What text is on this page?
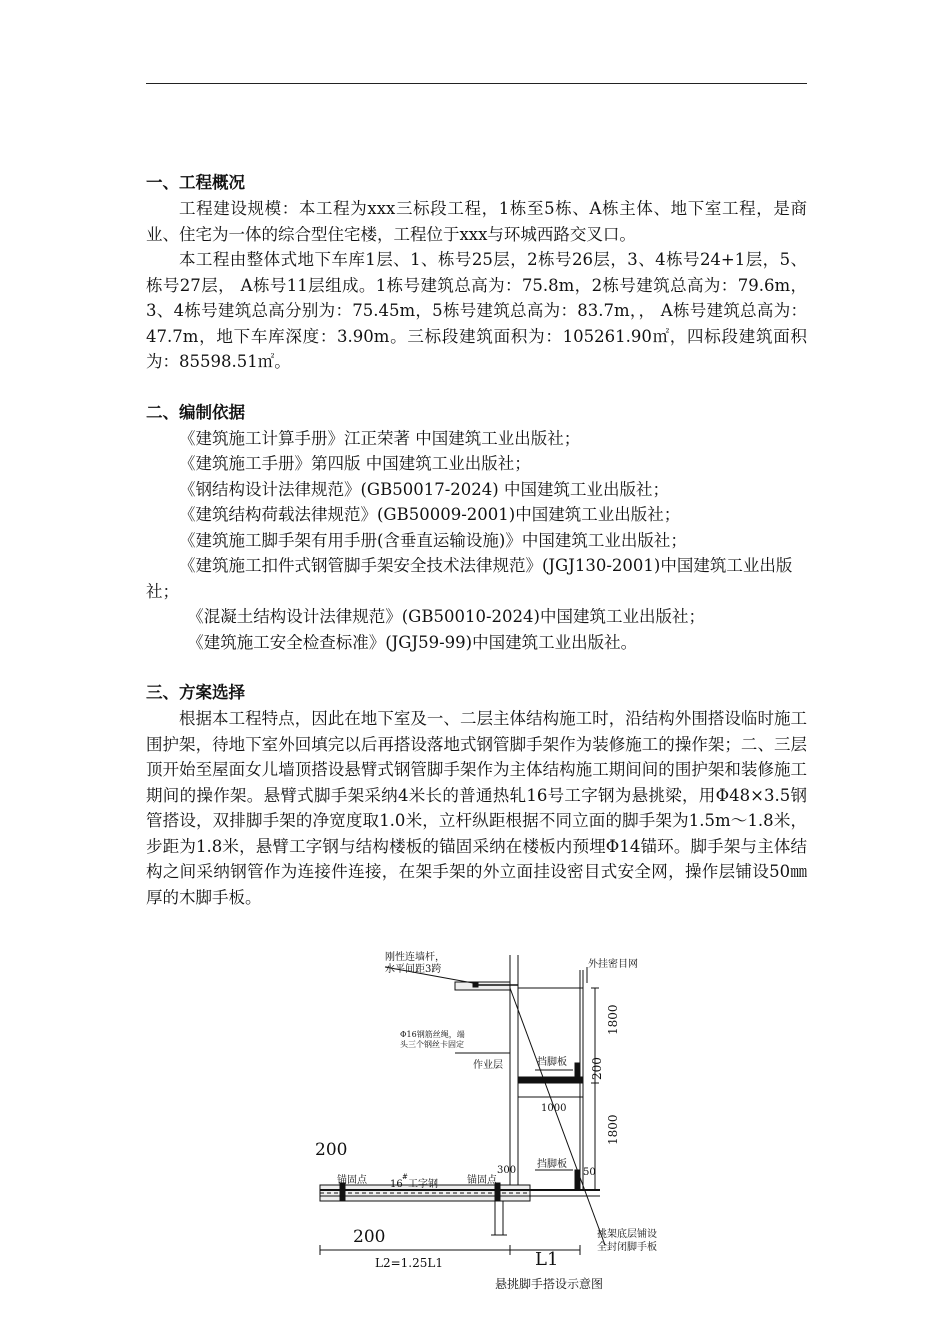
一、工程概况

工程建设规模：本工程为xxx三标段工程，1栋至5栋、A栋主体、地下室工程，是商业、住宅为一体的综合型住宅楼，工程位于xxx与环城西路交叉口。

本工程由整体式地下车库1层、1、栋号25层，2栋号26层，3、4栋号24+1层，5、栋号27层， A栋号11层组成。1栋号建筑总高为：75.8m，2栋号建筑总高为：79.6m，3、4栋号建筑总高分别为：75.45m，5栋号建筑总高为：83.7m，， A栋号建筑总高为：47.7m，地下车库深度：3.90m。三标段建筑面积为：105261.90㎡，四标段建筑面积为：85598.51㎡。

二、编制依据
《建筑施工计算手册》江正荣著 中国建筑工业出版社；
《建筑施工手册》第四版 中国建筑工业出版社；
《钢结构设计法律规范》(GB50017-2024) 中国建筑工业出版社；
《建筑结构荷载法律规范》(GB50009-2001)中国建筑工业出版社；
《建筑施工脚手架有用手册(含垂直运输设施)》中国建筑工业出版社；
《建筑施工扣件式钢管脚手架安全技术法律规范》(JGJ130-2001)中国建筑工业出版社；
《混凝土结构设计法律规范》(GB50010-2024)中国建筑工业出版社；
《建筑施工安全检查标准》(JGJ59-99)中国建筑工业出版社。
三、方案选择

根据本工程特点，因此在地下室及一、二层主体结构施工时，沿结构外围搭设临时施工围护架，待地下室外回填完以后再搭设落地式钢管脚手架作为装修施工的操作架；二、三层顶开始至屋面女儿墙顶搭设悬臂式钢管脚手架作为主体结构施工期间间的围护架和装修施工期间的操作架。悬臂式脚手架采纳4米长的普通热轧16号工字钢为悬挑梁，用Φ48×3.5钢管搭设，双排脚手架的净宽度取1.0米，立杆纵距根据不同立面的脚手架为1.5m～1.8米，步距为1.8米，悬臂工字钢与结构楼板的锚固采纳在楼板内预埋Φ14锚环。脚手架与主体结构之间采纳钢管作为连接件连接，在架手架的外立面挂设密目式安全网，操作层铺设50㎜厚的木脚手板。

刚性连墙杆，
水平间距3跨	外挂密目网
Φ16钢筋丝绳，端
头三个钢丝卡固定
挡脚板
作业层
挡脚板
1800
200
1000
1800
300	50
200
200
锚固点 16
#
工字钢	锚固点
挑架底层铺设
全封闭脚手板
L2=1.25L1	L1
悬挑脚手搭设示意图
